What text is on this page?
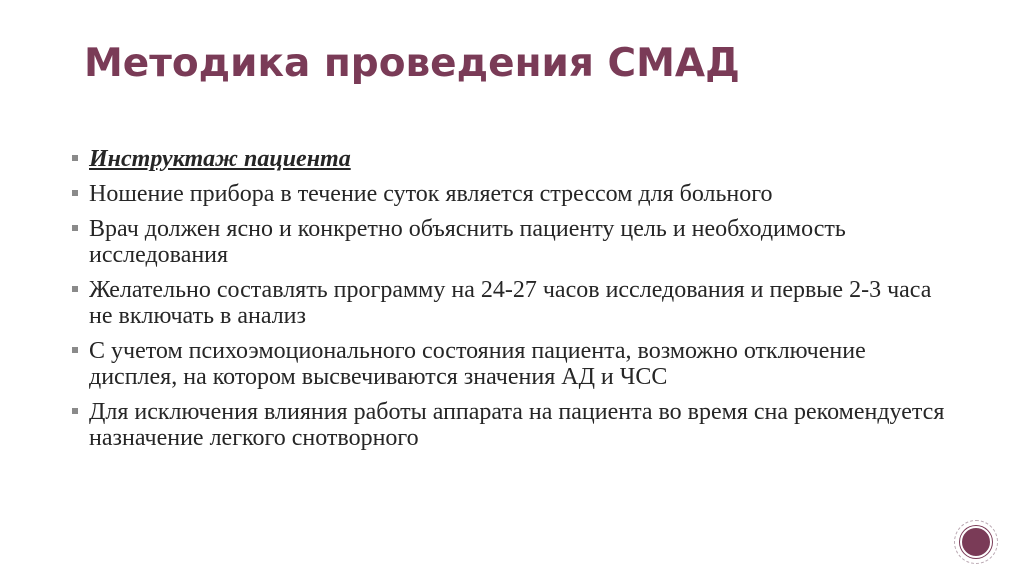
Методика проведения СМАД
Инструктаж пациента
Ношение прибора в течение суток является стрессом для больного
Врач должен ясно и конкретно объяснить пациенту цель и необходимость исследования
Желательно составлять программу на 24-27 часов исследования и первые 2-3 часа не включать в анализ
С учетом психоэмоционального состояния пациента, возможно отключение дисплея, на котором высвечиваются значения АД и ЧСС
Для исключения влияния работы аппарата на пациента во время сна рекомендуется назначение легкого снотворного
